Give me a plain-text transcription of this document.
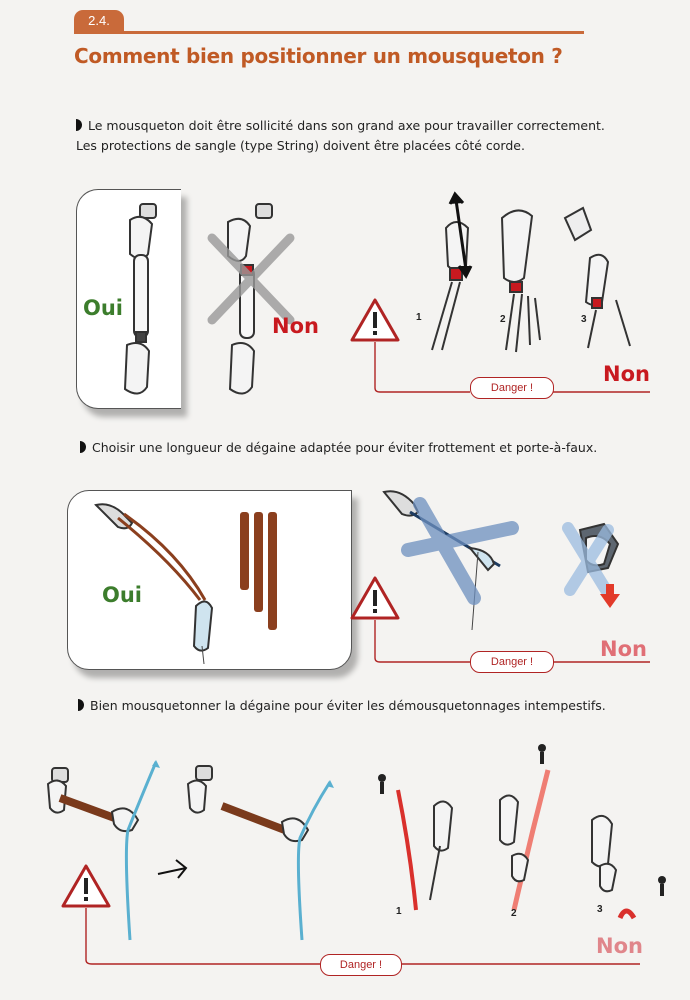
2.4.
Comment bien positionner un mousqueton ?
Le mousqueton doit être sollicité dans son grand axe pour travailler correctement.
Les protections de sangle (type String) doivent être placées côté corde.
Oui
Non
Non
Danger !
1	2	3
Choisir une longueur de dégaine adaptée pour éviter frottement et porte-à-faux.
Oui
Non
Danger !
Bien mousquetonner la dégaine pour éviter les démousquetonnages intempestifs.
1	2	3
Non
Danger !
